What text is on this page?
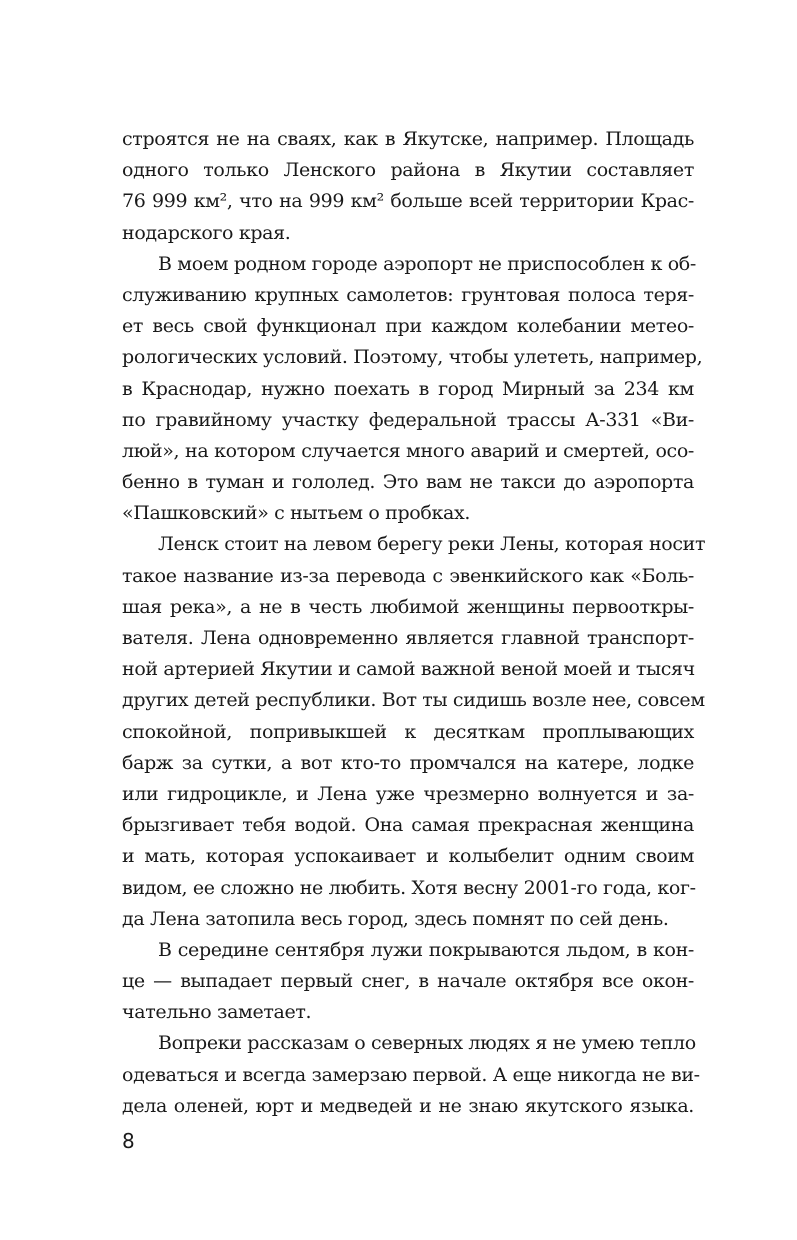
строятся не на сваях, как в Якутске, например. Площадь
одного только Ленского района в Якутии составляет
76 999 км², что на 999 км² больше всей территории Крас-
нодарского края.

В моем родном городе аэропорт не приспособлен к об-
служиванию крупных самолетов: грунтовая полоса теря-
ет весь свой функционал при каждом колебании метео-
рологических условий. Поэтому, чтобы улететь, например,
в Краснодар, нужно поехать в город Мирный за 234 км
по гравийному участку федеральной трассы А-331 «Ви-
люй», на котором случается много аварий и смертей, осо-
бенно в туман и гололед. Это вам не такси до аэропорта
«Пашковский» с нытьем о пробках.

Ленск стоит на левом берегу реки Лены, которая носит
такое название из-за перевода с эвенкийского как «Боль-
шая река», а не в честь любимой женщины первооткры-
вателя. Лена одновременно является главной транспорт-
ной артерией Якутии и самой важной веной моей и тысяч
других детей республики. Вот ты сидишь возле нее, совсем
спокойной, попривыкшей к десяткам проплывающих
барж за сутки, а вот кто-то промчался на катере, лодке
или гидроцикле, и Лена уже чрезмерно волнуется и за-
брызгивает тебя водой. Она самая прекрасная женщина
и мать, которая успокаивает и колыбелит одним своим
видом, ее сложно не любить. Хотя весну 2001-го года, ког-
да Лена затопила весь город, здесь помнят по сей день.

В середине сентября лужи покрываются льдом, в кон-
це — выпадает первый снег, в начале октября все окон-
чательно заметает.

Вопреки рассказам о северных людях я не умею тепло
одеваться и всегда замерзаю первой. А еще никогда не ви-
дела оленей, юрт и медведей и не знаю якутского языка.

8
